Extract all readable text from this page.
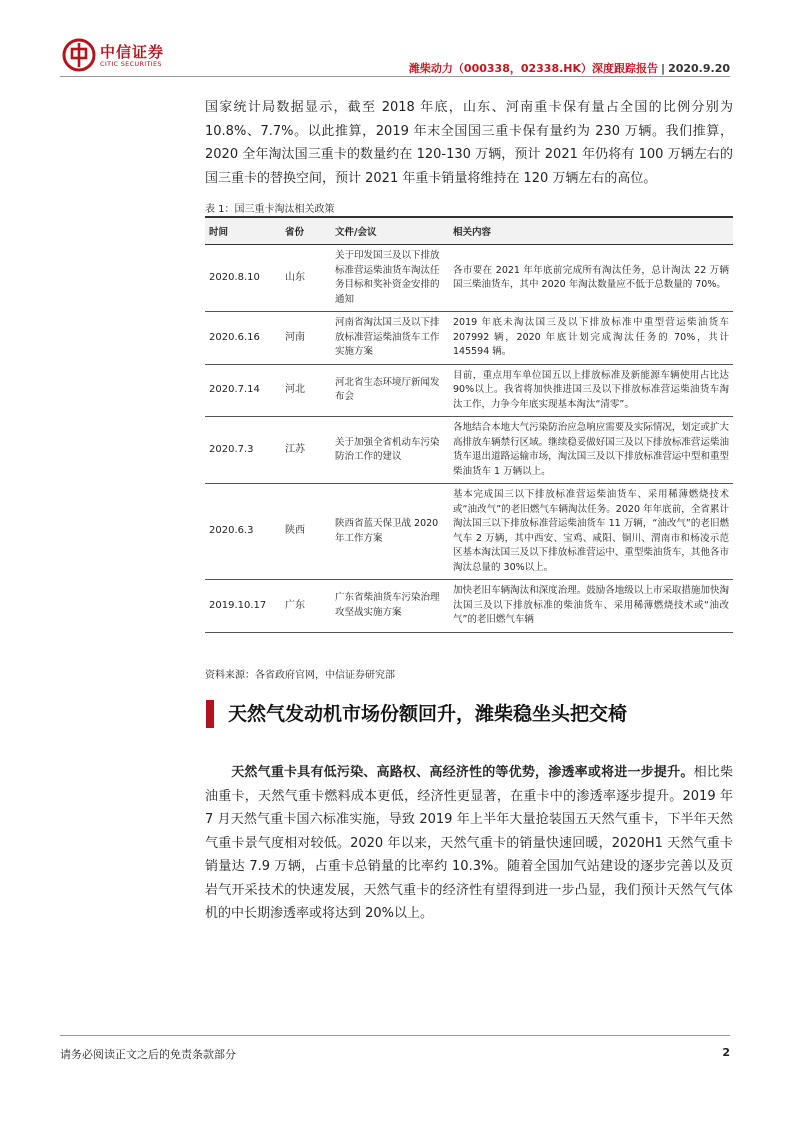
中信证券
CITIC SECURITIES	潍柴动力（000338，02338.HK）深度跟踪报告 | 2020.9.20

国家统计局数据显示，截至 2018 年底，山东、河南重卡保有量占全国的比例分别为 10.8%、7.7%。以此推算，2019 年末全国国三重卡保有量约为 230 万辆。我们推算，2020 全年淘汰国三重卡的数量约在 120-130 万辆，预计 2021 年仍将有 100 万辆左右的国三重卡的替换空间，预计 2021 年重卡销量将维持在 120 万辆左右的高位。

表 1：国三重卡淘汰相关政策
时间	省份	文件/会议	相关内容
2020.8.10	山东	关于印发国三及以下排放标准营运柴油货车淘汰任务目标和奖补资金安排的通知	各市要在 2021 年年底前完成所有淘汰任务，总计淘汰 22 万辆国三柴油货车，其中 2020 年淘汰数量应不低于总数量的 70%。
2020.6.16	河南	河南省淘汰国三及以下排放标准营运柴油货车工作实施方案	2019 年底未淘汰国三及以下排放标准中重型营运柴油货车 207992 辆，2020 年底计划完成淘汰任务的 70%，共计 145594 辆。
2020.7.14	河北	河北省生态环境厅新闻发布会	目前，重点用车单位国五以上排放标准及新能源车辆使用占比达 90%以上。我省将加快推进国三及以下排放标准营运柴油货车淘汰工作，力争今年底实现基本淘汰“清零”。
2020.7.3	江苏	关于加强全省机动车污染防治工作的建议	各地结合本地大气污染防治应急响应需要及实际情况，划定或扩大高排放车辆禁行区域。继续稳妥做好国三及以下排放标准营运柴油货车退出道路运输市场，淘汰国三及以下排放标准营运中型和重型柴油货车 1 万辆以上。
2020.6.3	陕西	陕西省蓝天保卫战 2020 年工作方案	基本完成国三以下排放标准营运柴油货车、采用稀薄燃烧技术或“油改气”的老旧燃气车辆淘汰任务。2020 年年底前，全省累计淘汰国三以下排放标准营运柴油货车 11 万辆，“油改气”的老旧燃气车 2 万辆，其中西安、宝鸡、咸阳、铜川、渭南市和杨凌示范区基本淘汰国三及以下排放标准营运中、重型柴油货车，其他各市淘汰总量的 30%以上。
2019.10.17	广东	广东省柴油货车污染治理攻坚战实施方案	加快老旧车辆淘汰和深度治理。鼓励各地级以上市采取措施加快淘汰国三及以下排放标准的柴油货车、采用稀薄燃烧技术或“油改气”的老旧燃气车辆
资料来源：各省政府官网，中信证券研究部
天然气发动机市场份额回升，潍柴稳坐头把交椅

天然气重卡具有低污染、高路权、高经济性的等优势，渗透率或将进一步提升。相比柴油重卡，天然气重卡燃料成本更低，经济性更显著，在重卡中的渗透率逐步提升。2019 年 7 月天然气重卡国六标准实施，导致 2019 年上半年大量抢装国五天然气重卡，下半年天然气重卡景气度相对较低。2020 年以来，天然气重卡的销量快速回暖，2020H1 天然气重卡销量达 7.9 万辆，占重卡总销量的比率约 10.3%。随着全国加气站建设的逐步完善以及页岩气开采技术的快速发展，天然气重卡的经济性有望得到进一步凸显，我们预计天然气气体机的中长期渗透率或将达到 20%以上。

请务必阅读正文之后的免责条款部分	2
